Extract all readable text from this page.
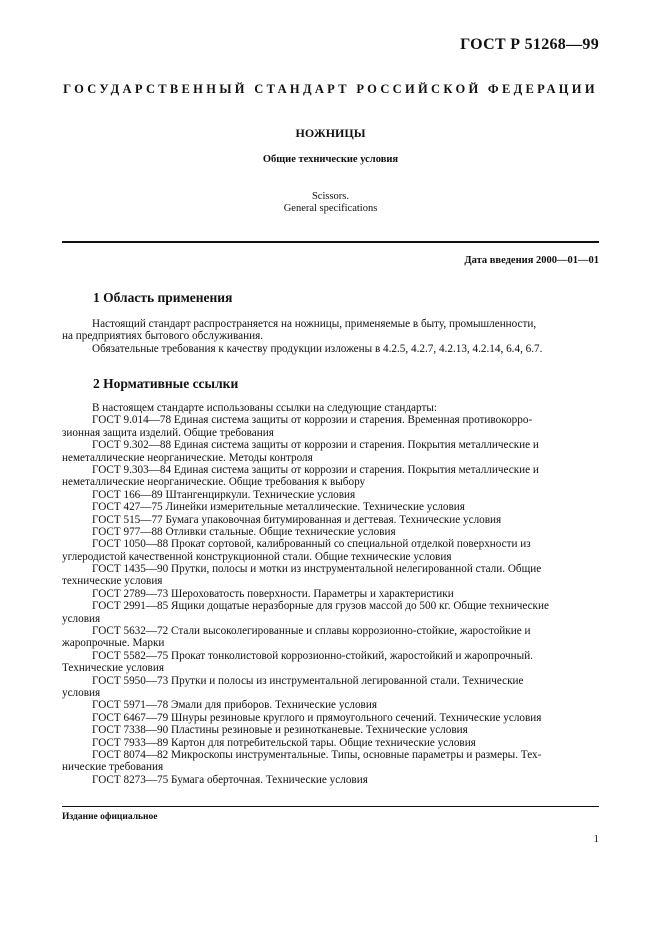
ГОСТ Р 51268—99
ГОСУДАРСТВЕННЫЙ СТАНДАРТ РОССИЙСКОЙ ФЕДЕРАЦИИ
НОЖНИЦЫ
Общие технические условия
Scissors.
General specifications
Дата введения 2000—01—01
1 Область применения
Настоящий стандарт распространяется на ножницы, применяемые в быту, промышленности,
на предприятиях бытового обслуживания.
Обязательные требования к качеству продукции изложены в 4.2.5, 4.2.7, 4.2.13, 4.2.14, 6.4, 6.7.
2 Нормативные ссылки
В настоящем стандарте использованы ссылки на следующие стандарты:
ГОСТ 9.014—78 Единая система защиты от коррозии и старения. Временная противокорро-
зионная защита изделий. Общие требования
ГОСТ 9.302—88 Единая система защиты от коррозии и старения. Покрытия металлические и
неметаллические неорганические. Методы контроля
ГОСТ 9.303—84 Единая система защиты от коррозии и старения. Покрытия металлические и
неметаллические неорганические. Общие требования к выбору
ГОСТ 166—89 Штангенциркули. Технические условия
ГОСТ 427—75 Линейки измерительные металлические. Технические условия
ГОСТ 515—77 Бумага упаковочная битумированная и дегтевая. Технические условия
ГОСТ 977—88 Отливки стальные. Общие технические условия
ГОСТ 1050—88 Прокат сортовой, калиброванный со специальной отделкой поверхности из
углеродистой качественной конструкционной стали. Общие технические условия
ГОСТ 1435—90 Прутки, полосы и мотки из инструментальной нелегированной стали. Общие
технические условия
ГОСТ 2789—73 Шероховатость поверхности. Параметры и характеристики
ГОСТ 2991—85 Ящики дощатые неразборные для грузов массой до 500 кг. Общие технические
условия
ГОСТ 5632—72 Стали высоколегированные и сплавы коррозионно-стойкие, жаростойкие и
жаропрочные. Марки
ГОСТ 5582—75 Прокат тонколистовой коррозионно-стойкий, жаростойкий и жаропрочный.
Технические условия
ГОСТ 5950—73 Прутки и полосы из инструментальной легированной стали. Технические
условия
ГОСТ 5971—78 Эмали для приборов. Технические условия
ГОСТ 6467—79 Шнуры резиновые круглого и прямоугольного сечений. Технические условия
ГОСТ 7338—90 Пластины резиновые и резинотканевые. Технические условия
ГОСТ 7933—89 Картон для потребительской тары. Общие технические условия
ГОСТ 8074—82 Микроскопы инструментальные. Типы, основные параметры и размеры. Тех-
нические требования
ГОСТ 8273—75 Бумага оберточная. Технические условия
Издание официальное
1
